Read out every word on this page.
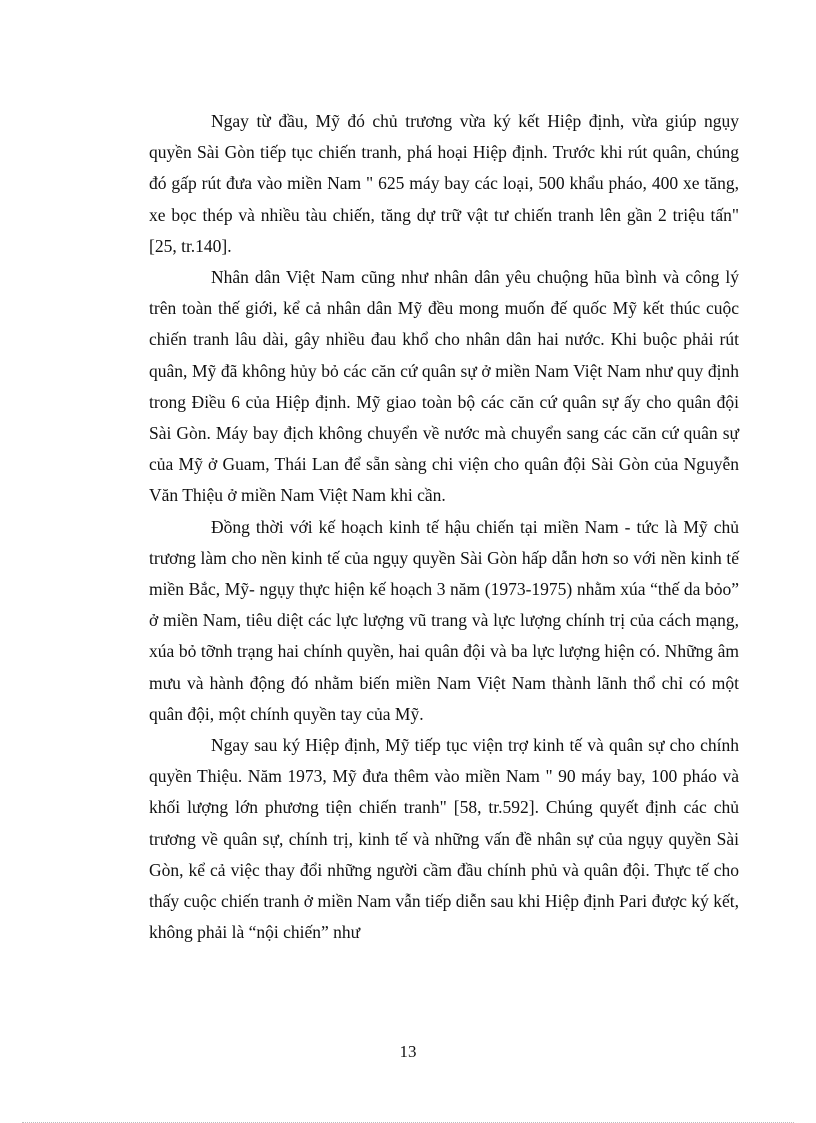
Ngay từ đầu, Mỹ đó chủ trương vừa ký kết Hiệp định, vừa giúp ngụy quyền Sài Gòn tiếp tục chiến tranh, phá hoại Hiệp định. Trước khi rút quân, chúng đó gấp rút đưa vào miền Nam " 625 máy bay các loại, 500 khẩu pháo, 400 xe tăng, xe bọc thép và nhiều tàu chiến, tăng dự trữ vật tư chiến tranh lên gần 2 triệu tấn" [25, tr.140].

Nhân dân Việt Nam cũng như nhân dân yêu chuộng hũa bình và công lý trên toàn thế giới, kể cả nhân dân Mỹ đều mong muốn đế quốc Mỹ kết thúc cuộc chiến tranh lâu dài, gây nhiều đau khổ cho nhân dân hai nước. Khi buộc phải rút quân, Mỹ đã không hủy bỏ các căn cứ quân sự ở miền Nam Việt Nam như quy định trong Điều 6 của Hiệp định. Mỹ giao toàn bộ các căn cứ quân sự ấy cho quân đội Sài Gòn. Máy bay địch không chuyển về nước mà chuyển sang các căn cứ quân sự của Mỹ ở Guam, Thái Lan để sẵn sàng chi viện cho quân đội Sài Gòn của Nguyễn Văn Thiệu ở miền Nam Việt Nam khi cần.

Đồng thời với kế hoạch kinh tế hậu chiến tại miền Nam - tức là Mỹ chủ trương làm cho nền kinh tế của ngụy quyền Sài Gòn hấp dẫn hơn so với nền kinh tế miền Bắc, Mỹ- ngụy thực hiện kế hoạch 3 năm (1973-1975) nhằm xúa “thế da bỏo” ở miền Nam, tiêu diệt các lực lượng vũ trang và lực lượng chính trị của cách mạng, xúa bỏ tỡnh trạng hai chính quyền, hai quân đội và ba lực lượng hiện có. Những âm mưu và hành động đó nhằm biến miền Nam Việt Nam thành lãnh thổ chỉ có một quân đội, một chính quyền tay của Mỹ.

Ngay sau ký Hiệp định, Mỹ tiếp tục viện trợ kinh tế và quân sự cho chính quyền Thiệu. Năm 1973, Mỹ đưa thêm vào miền Nam " 90 máy bay, 100 pháo và khối lượng lớn phương tiện chiến tranh" [58, tr.592]. Chúng quyết định các chủ trương về quân sự, chính trị, kinh tế và những vấn đề nhân sự của ngụy quyền Sài Gòn, kể cả việc thay đổi những người cầm đầu chính phủ và quân đội. Thực tế cho thấy cuộc chiến tranh ở miền Nam vẫn tiếp diễn sau khi Hiệp định Pari được ký kết, không phải là “nội chiến” như

13
